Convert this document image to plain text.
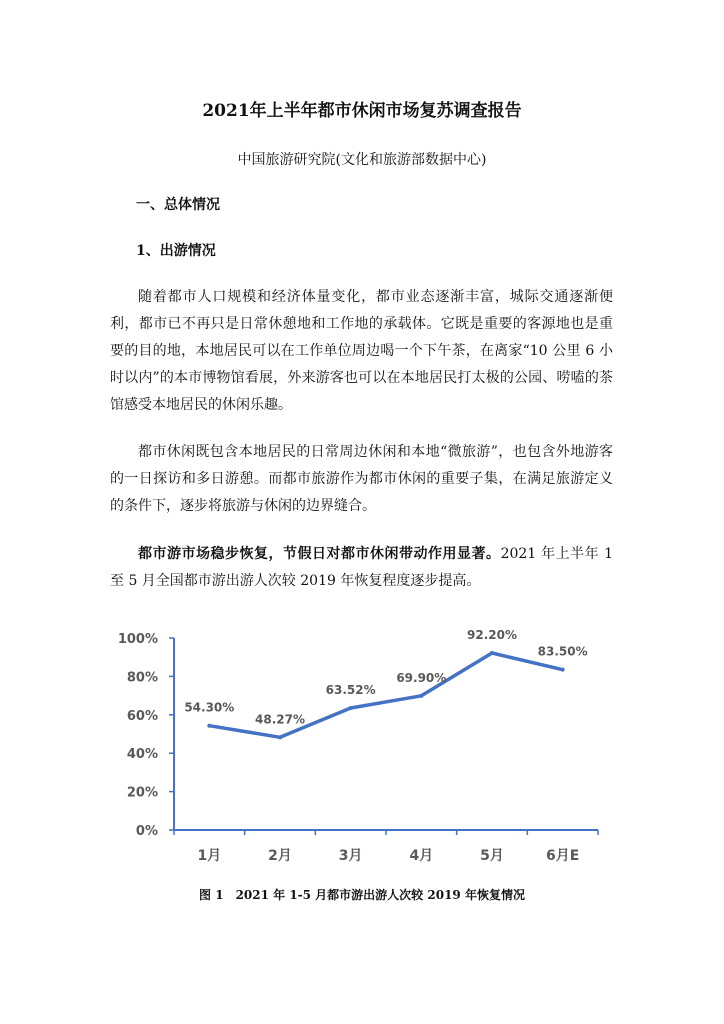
2021年上半年都市休闲市场复苏调查报告
中国旅游研究院(文化和旅游部数据中心)
一、总体情况
1、出游情况

随着都市人口规模和经济体量变化，都市业态逐渐丰富，城际交通逐渐便利，都市已不再只是日常休憩地和工作地的承载体。它既是重要的客源地也是重要的目的地，本地居民可以在工作单位周边喝一个下午茶，在离家“10 公里 6 小时以内”的本市博物馆看展，外来游客也可以在本地居民打太极的公园、唠嗑的茶馆感受本地居民的休闲乐趣。

都市休闲既包含本地居民的日常周边休闲和本地“微旅游”，也包含外地游客的一日探访和多日游憩。而都市旅游作为都市休闲的重要子集，在满足旅游定义的条件下，逐步将旅游与休闲的边界缝合。

都市游市场稳步恢复，节假日对都市休闲带动作用显著。2021 年上半年 1 至 5 月全国都市游出游人次较 2019 年恢复程度逐步提高。

0%
20%
40%
60%
80%
100%
1月	2月	3月	4月	5月	6月E
54.30%
48.27%
63.52%
69.90%
92.20%
83.50%
图 1　2021 年 1-5 月都市游出游人次较 2019 年恢复情况
